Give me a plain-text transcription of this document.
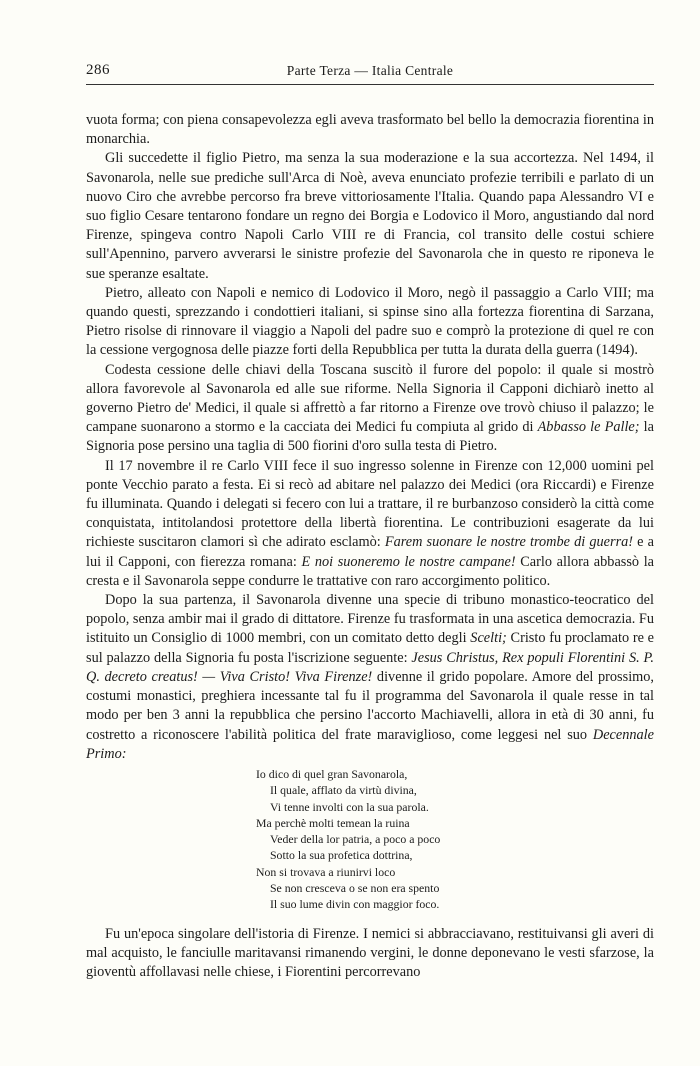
286	Parte Terza — Italia Centrale

vuota forma; con piena consapevolezza egli aveva trasformato bel bello la democrazia fiorentina in monarchia.

Gli succedette il figlio Pietro, ma senza la sua moderazione e la sua accortezza. Nel 1494, il Savonarola, nelle sue prediche sull'Arca di Noè, aveva enunciato profezie terribili e parlato di un nuovo Ciro che avrebbe percorso fra breve vittoriosamente l'Italia. Quando papa Alessandro VI e suo figlio Cesare tentarono fondare un regno dei Borgia e Lodovico il Moro, angustiando dal nord Firenze, spingeva contro Napoli Carlo VIII re di Francia, col transito delle costui schiere sull'Apennino, parvero avverarsi le sinistre profezie del Savonarola che in questo re riponeva le sue speranze esaltate.

Pietro, alleato con Napoli e nemico di Lodovico il Moro, negò il passaggio a Carlo VIII; ma quando questi, sprezzando i condottieri italiani, si spinse sino alla fortezza fiorentina di Sarzana, Pietro risolse di rinnovare il viaggio a Napoli del padre suo e comprò la protezione di quel re con la cessione vergognosa delle piazze forti della Repubblica per tutta la durata della guerra (1494).

Codesta cessione delle chiavi della Toscana suscitò il furore del popolo: il quale si mostrò allora favorevole al Savonarola ed alle sue riforme. Nella Signoria il Capponi dichiarò inetto al governo Pietro de' Medici, il quale si affrettò a far ritorno a Firenze ove trovò chiuso il palazzo; le campane suonarono a stormo e la cacciata dei Medici fu compiuta al grido di Abbasso le Palle; la Signoria pose persino una taglia di 500 fiorini d'oro sulla testa di Pietro.

Il 17 novembre il re Carlo VIII fece il suo ingresso solenne in Firenze con 12,000 uomini pel ponte Vecchio parato a festa. Ei si recò ad abitare nel palazzo dei Medici (ora Riccardi) e Firenze fu illuminata. Quando i delegati si fecero con lui a trattare, il re burbanzoso considerò la città come conquistata, intitolandosi protettore della libertà fiorentina. Le contribuzioni esagerate da lui richieste suscitaron clamori sì che adirato esclamò: Farem suonare le nostre trombe di guerra! e a lui il Capponi, con fierezza romana: E noi suoneremo le nostre campane! Carlo allora abbassò la cresta e il Savonarola seppe condurre le trattative con raro accorgimento politico.

Dopo la sua partenza, il Savonarola divenne una specie di tribuno monastico-teocratico del popolo, senza ambir mai il grado di dittatore. Firenze fu trasformata in una ascetica democrazia. Fu istituito un Consiglio di 1000 membri, con un comitato detto degli Scelti; Cristo fu proclamato re e sul palazzo della Signoria fu posta l'iscrizione seguente: Jesus Christus, Rex populi Florentini S. P. Q. decreto creatus! — Viva Cristo! Viva Firenze! divenne il grido popolare. Amore del prossimo, costumi monastici, preghiera incessante tal fu il programma del Savonarola il quale resse in tal modo per ben 3 anni la repubblica che persino l'accorto Machiavelli, allora in età di 30 anni, fu costretto a riconoscere l'abilità politica del frate maraviglioso, come leggesi nel suo Decennale Primo:

Io dico di quel gran Savonarola,
Il quale, afflato da virtù divina,
Vi tenne involti con la sua parola.
Ma perchè molti temean la ruina
Veder della lor patria, a poco a poco
Sotto la sua profetica dottrina,
Non si trovava a riunirvi loco
Se non cresceva o se non era spento
Il suo lume divin con maggior foco.

Fu un'epoca singolare dell'istoria di Firenze. I nemici si abbracciavano, restituivansi gli averi di mal acquisto, le fanciulle maritavansi rimanendo vergini, le donne deponevano le vesti sfarzose, la gioventù affollavasi nelle chiese, i Fiorentini percorrevano
